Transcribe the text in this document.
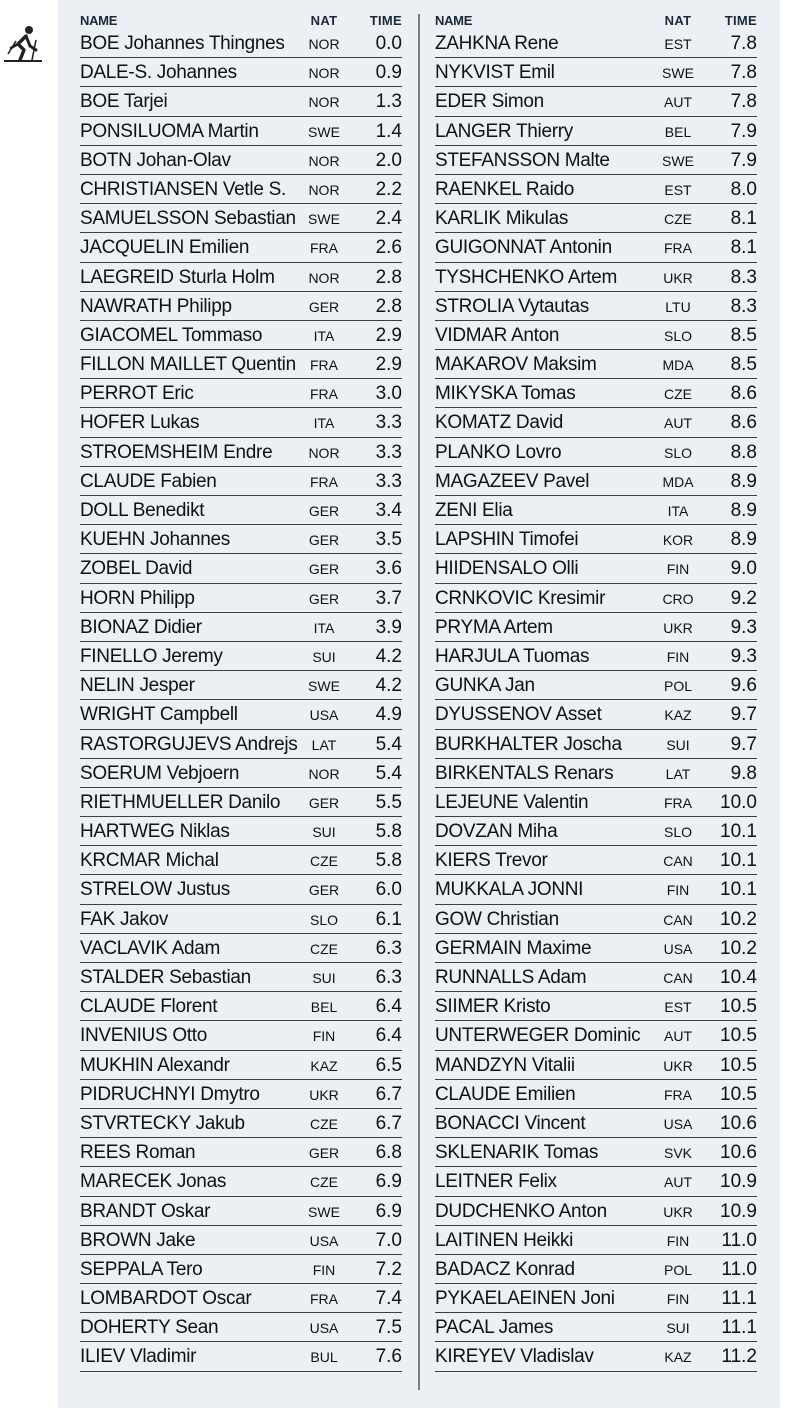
NAME	NAT	TIME
BOE Johannes Thingnes	NOR	0.0
DALE-S. Johannes	NOR	0.9
BOE Tarjei	NOR	1.3
PONSILUOMA Martin	SWE	1.4
BOTN Johan-Olav	NOR	2.0
CHRISTIANSEN Vetle S.	NOR	2.2
SAMUELSSON Sebastian SWE	2.4
JACQUELIN Emilien	FRA	2.6
LAEGREID Sturla Holm	NOR	2.8
NAWRATH Philipp	GER	2.8
GIACOMEL Tommaso	ITA	2.9
FILLON MAILLET Quentin	FRA	2.9
PERROT Eric	FRA	3.0
HOFER Lukas	ITA	3.3
STROEMSHEIM Endre	NOR	3.3
CLAUDE Fabien	FRA	3.3
DOLL Benedikt	GER	3.4
KUEHN Johannes	GER	3.5
ZOBEL David	GER	3.6
HORN Philipp	GER	3.7
BIONAZ Didier	ITA	3.9
FINELLO Jeremy	SUI	4.2
NELIN Jesper	SWE	4.2
WRIGHT Campbell	USA	4.9
RASTORGUJEVS Andrejs	LAT	5.4
SOERUM Vebjoern	NOR	5.4
RIETHMUELLER Danilo	GER	5.5
HARTWEG Niklas	SUI	5.8
KRCMAR Michal	CZE	5.8
STRELOW Justus	GER	6.0
FAK Jakov	SLO	6.1
VACLAVIK Adam	CZE	6.3
STALDER Sebastian	SUI	6.3
CLAUDE Florent	BEL	6.4
INVENIUS Otto	FIN	6.4
MUKHIN Alexandr	KAZ	6.5
PIDRUCHNYI Dmytro	UKR	6.7
STVRTECKY Jakub	CZE	6.7
REES Roman	GER	6.8
MARECEK Jonas	CZE	6.9
BRANDT Oskar	SWE	6.9
BROWN Jake	USA	7.0
SEPPALA Tero	FIN	7.2
LOMBARDOT Oscar	FRA	7.4
DOHERTY Sean	USA	7.5
ILIEV Vladimir	BUL	7.6
NAME	NAT	TIME
ZAHKNA Rene	EST	7.8
NYKVIST Emil	SWE	7.8
EDER Simon	AUT	7.8
LANGER Thierry	BEL	7.9
STEFANSSON Malte	SWE	7.9
RAENKEL Raido	EST	8.0
KARLIK Mikulas	CZE	8.1
GUIGONNAT Antonin	FRA	8.1
TYSHCHENKO Artem	UKR	8.3
STROLIA Vytautas	LTU	8.3
VIDMAR Anton	SLO	8.5
MAKAROV Maksim	MDA	8.5
MIKYSKA Tomas	CZE	8.6
KOMATZ David	AUT	8.6
PLANKO Lovro	SLO	8.8
MAGAZEEV Pavel	MDA	8.9
ZENI Elia	ITA	8.9
LAPSHIN Timofei	KOR	8.9
HIIDENSALO Olli	FIN	9.0
CRNKOVIC Kresimir	CRO	9.2
PRYMA Artem	UKR	9.3
HARJULA Tuomas	FIN	9.3
GUNKA Jan	POL	9.6
DYUSSENOV Asset	KAZ	9.7
BURKHALTER Joscha	SUI	9.7
BIRKENTALS Renars	LAT	9.8
LEJEUNE Valentin	FRA	10.0
DOVZAN Miha	SLO	10.1
KIERS Trevor	CAN	10.1
MUKKALA JONNI	FIN	10.1
GOW Christian	CAN	10.2
GERMAIN Maxime	USA	10.2
RUNNALLS Adam	CAN	10.4
SIIMER Kristo	EST	10.5
UNTERWEGER Dominic	AUT	10.5
MANDZYN Vitalii	UKR	10.5
CLAUDE Emilien	FRA	10.5
BONACCI Vincent	USA	10.6
SKLENARIK Tomas	SVK	10.6
LEITNER Felix	AUT	10.9
DUDCHENKO Anton	UKR	10.9
LAITINEN Heikki	FIN	11.0
BADACZ Konrad	POL	11.0
PYKAELAEINEN Joni	FIN	11.1
PACAL James	SUI	11.1
KIREYEV Vladislav	KAZ	11.2
